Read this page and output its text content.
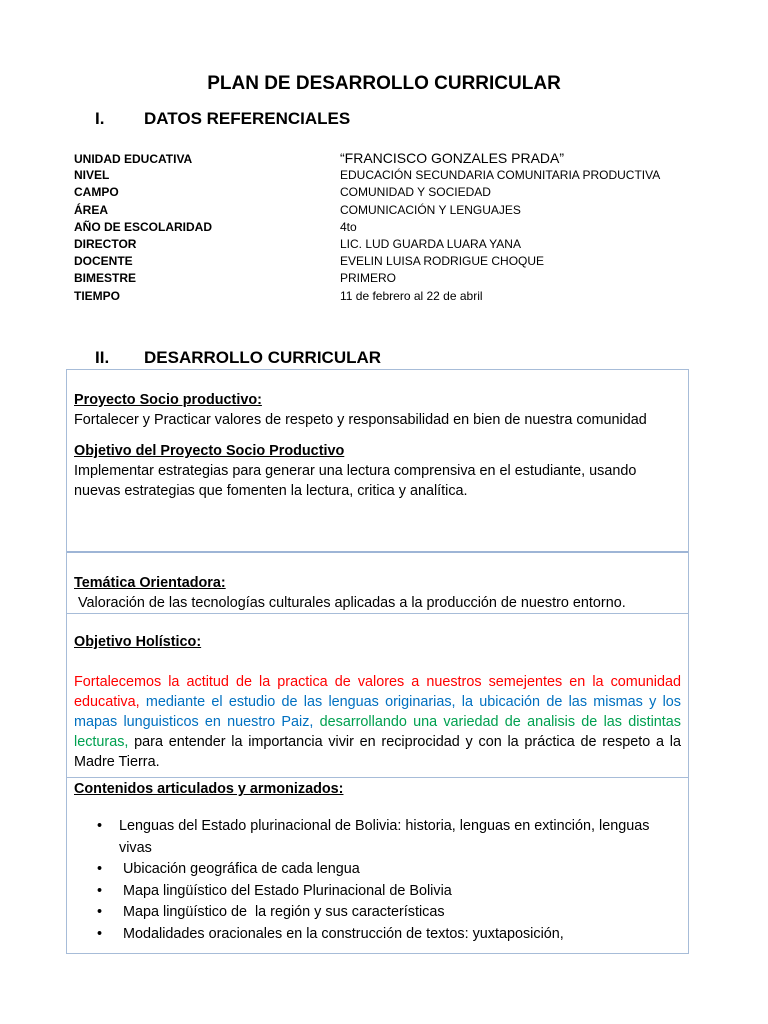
PLAN DE DESARROLLO CURRICULAR
I. DATOS REFERENCIALES
UNIDAD EDUCATIVA	“FRANCISCO GONZALES PRADA”
NIVEL	EDUCACIÓN SECUNDARIA COMUNITARIA PRODUCTIVA
CAMPO	COMUNIDAD Y SOCIEDAD
ÁREA	COMUNICACIÓN Y LENGUAJES
AÑO DE ESCOLARIDAD	4to
DIRECTOR	LIC. LUD GUARDA LUARA YANA
DOCENTE	EVELIN LUISA RODRIGUE CHOQUE
BIMESTRE	PRIMERO
TIEMPO	11 de febrero al 22 de abril
II. DESARROLLO CURRICULAR
Proyecto Socio productivo:
Fortalecer y Practicar valores de respeto y responsabilidad en bien de nuestra comunidad
Objetivo del Proyecto Socio Productivo
Implementar estrategias para generar una lectura comprensiva en el estudiante, usando nuevas estrategias que fomenten la lectura, critica y analítica.
Temática Orientadora:
Valoración de las tecnologías culturales aplicadas a la producción de nuestro entorno.
Objetivo Holístico:
Fortalecemos la actitud de la practica de valores a nuestros semejentes en la comunidad educativa, mediante el estudio de las lenguas originarias, la ubicación de las mismas y los mapas lunguisticos en nuestro Paiz, desarrollando una variedad de analisis de las distintas lecturas, para entender la importancia vivir en reciprocidad y con la práctica de respeto a la Madre Tierra.
Contenidos articulados y armonizados:
• Lenguas del Estado plurinacional de Bolivia: historia, lenguas en extinción, lenguas vivas
• Ubicación geográfica de cada lengua
• Mapa lingüístico del Estado Plurinacional de Bolivia
• Mapa lingüístico de  la región y sus características
• Modalidades oracionales en la construcción de textos: yuxtaposición,
